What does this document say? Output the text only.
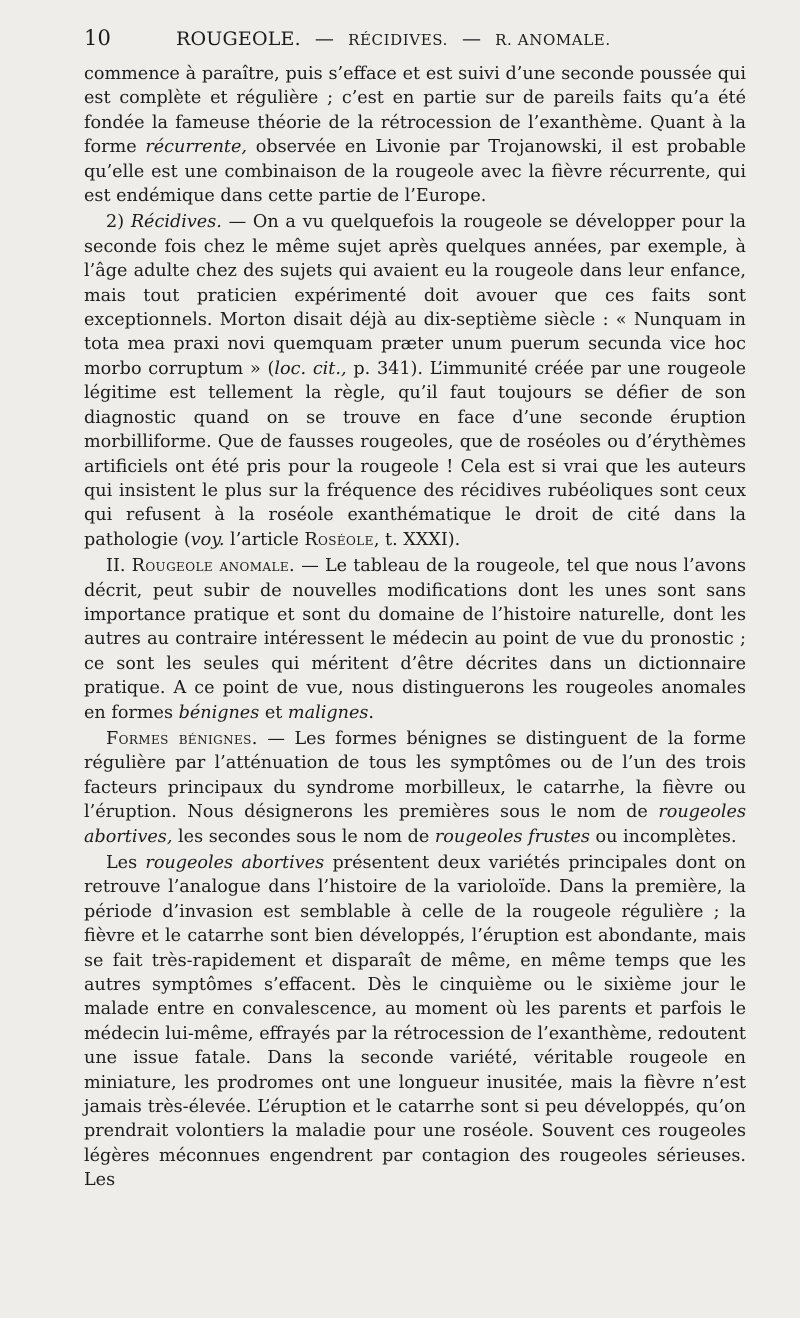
10	ROUGEOLE. — RÉCIDIVES. — R. ANOMALE.

commence à paraître, puis s’efface et est suivi d’une seconde poussée qui est complète et régulière ; c’est en partie sur de pareils faits qu’a été fondée la fameuse théorie de la rétrocession de l’exanthème. Quant à la forme récurrente, observée en Livonie par Trojanowski, il est probable qu’elle est une combinaison de la rougeole avec la fièvre récurrente, qui est endémique dans cette partie de l’Europe.

2) Récidives. — On a vu quelquefois la rougeole se développer pour la seconde fois chez le même sujet après quelques années, par exemple, à l’âge adulte chez des sujets qui avaient eu la rougeole dans leur enfance, mais tout praticien expérimenté doit avouer que ces faits sont exceptionnels. Morton disait déjà au dix-septième siècle : « Nunquam in tota mea praxi novi quemquam præter unum puerum secunda vice hoc morbo corruptum » (loc. cit., p. 341). L’immunité créée par une rougeole légitime est tellement la règle, qu’il faut toujours se défier de son diagnostic quand on se trouve en face d’une seconde éruption morbilliforme. Que de fausses rougeoles, que de roséoles ou d’érythèmes artificiels ont été pris pour la rougeole ! Cela est si vrai que les auteurs qui insistent le plus sur la fréquence des récidives rubéoliques sont ceux qui refusent à la roséole exanthématique le droit de cité dans la pathologie (voy. l’article Roséole, t. XXXI).

II. Rougeole anomale. — Le tableau de la rougeole, tel que nous l’avons décrit, peut subir de nouvelles modifications dont les unes sont sans importance pratique et sont du domaine de l’histoire naturelle, dont les autres au contraire intéressent le médecin au point de vue du pronostic ; ce sont les seules qui méritent d’être décrites dans un dictionnaire pratique. A ce point de vue, nous distinguerons les rougeoles anomales en formes bénignes et malignes.

Formes bénignes. — Les formes bénignes se distinguent de la forme régulière par l’atténuation de tous les symptômes ou de l’un des trois facteurs principaux du syndrome morbilleux, le catarrhe, la fièvre ou l’éruption. Nous désignerons les premières sous le nom de rougeoles abortives, les secondes sous le nom de rougeoles frustes ou incomplètes.

Les rougeoles abortives présentent deux variétés principales dont on retrouve l’analogue dans l’histoire de la varioloïde. Dans la première, la période d’invasion est semblable à celle de la rougeole régulière ; la fièvre et le catarrhe sont bien développés, l’éruption est abondante, mais se fait très-rapidement et disparaît de même, en même temps que les autres symptômes s’effacent. Dès le cinquième ou le sixième jour le malade entre en convalescence, au moment où les parents et parfois le médecin lui-même, effrayés par la rétrocession de l’exanthème, redoutent une issue fatale. Dans la seconde variété, véritable rougeole en miniature, les prodromes ont une longueur inusitée, mais la fièvre n’est jamais très-élevée. L’éruption et le catarrhe sont si peu développés, qu’on prendrait volontiers la maladie pour une roséole. Souvent ces rougeoles légères méconnues engendrent par contagion des rougeoles sérieuses. Les
